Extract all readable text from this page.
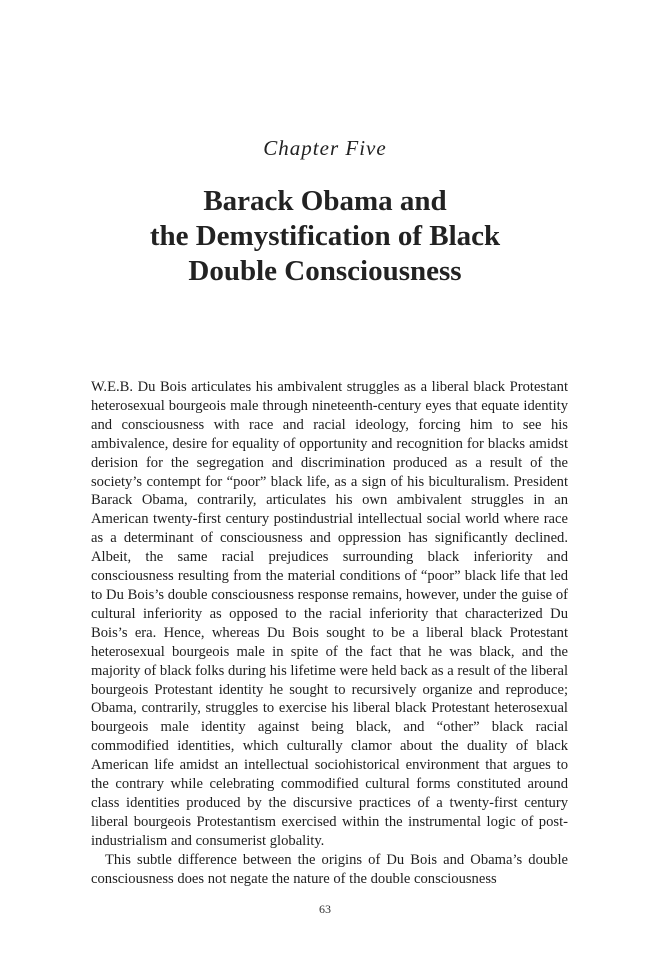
Chapter Five
Barack Obama and
the Demystification of Black
Double Consciousness

W.E.B. Du Bois articulates his ambivalent struggles as a liberal black Protestant heterosexual bourgeois male through nineteenth-century eyes that equate identity and consciousness with race and racial ideology, forcing him to see his ambivalence, desire for equality of opportunity and recognition for blacks amidst derision for the segregation and discrimination produced as a result of the society’s contempt for “poor” black life, as a sign of his biculturalism. President Barack Obama, contrarily, articulates his own ambivalent struggles in an American twenty-first century postindustrial intellectual social world where race as a determinant of consciousness and oppression has significantly declined. Albeit, the same racial prejudices surrounding black inferiority and consciousness resulting from the material conditions of “poor” black life that led to Du Bois’s double consciousness response remains, however, under the guise of cultural inferiority as opposed to the racial inferiority that characterized Du Bois’s era. Hence, whereas Du Bois sought to be a liberal black Protestant heterosexual bourgeois male in spite of the fact that he was black, and the majority of black folks during his lifetime were held back as a result of the liberal bourgeois Protestant identity he sought to recursively organize and reproduce; Obama, contrarily, struggles to exercise his liberal black Protestant heterosexual bourgeois male identity against being black, and “other” black racial commodified identities, which culturally clamor about the duality of black American life amidst an intellectual sociohistorical environment that argues to the contrary while celebrating commodified cultural forms constituted around class identities produced by the discursive practices of a twenty-first century liberal bourgeois Protestantism exercised within the instrumental logic of post-industrialism and consumerist globality.

This subtle difference between the origins of Du Bois and Obama’s double consciousness does not negate the nature of the double consciousness

63
